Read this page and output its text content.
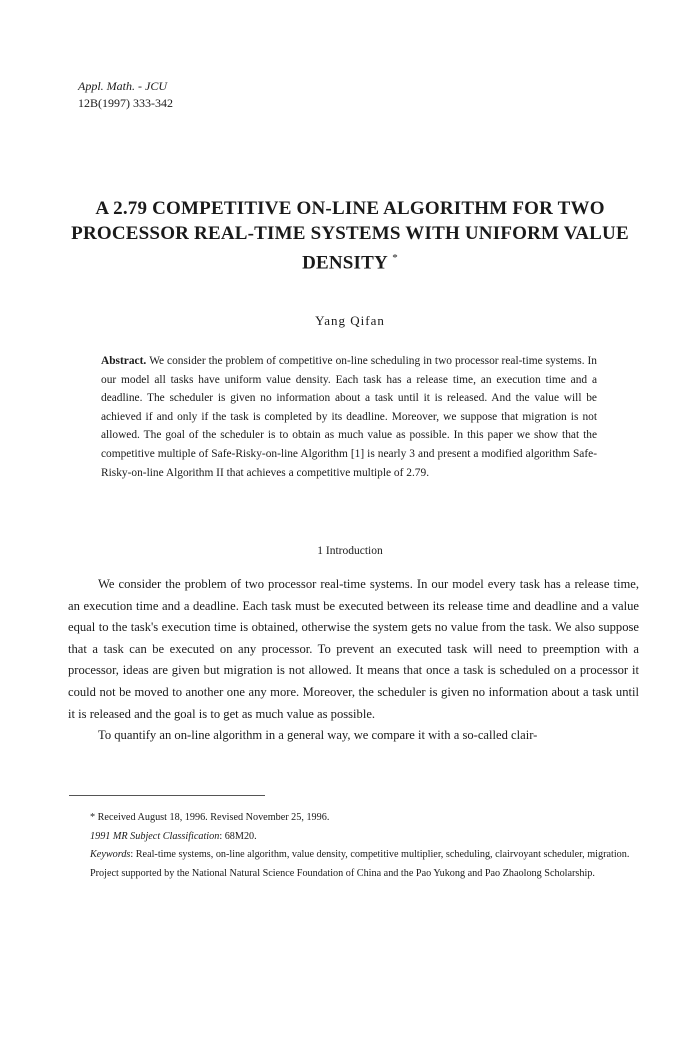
Appl. Math. - JCU
12B(1997) 333-342
A 2.79 COMPETITIVE ON-LINE ALGORITHM FOR TWO PROCESSOR REAL-TIME SYSTEMS WITH UNIFORM VALUE DENSITY *
Yang Qifan
Abstract. We consider the problem of competitive on-line scheduling in two processor real-time systems. In our model all tasks have uniform value density. Each task has a release time, an execution time and a deadline. The scheduler is given no information about a task until it is released. And the value will be achieved if and only if the task is completed by its deadline. Moreover, we suppose that migration is not allowed. The goal of the scheduler is to obtain as much value as possible. In this paper we show that the competitive multiple of Safe-Risky-on-line Algorithm [1] is nearly 3 and present a modified algorithm Safe-Risky-on-line Algorithm II that achieves a competitive multiple of 2.79.
1 Introduction

We consider the problem of two processor real-time systems. In our model every task has a release time, an execution time and a deadline. Each task must be executed between its release time and deadline and a value equal to the task's execution time is obtained, otherwise the system gets no value from the task. We also suppose that a task can be executed on any processor. To prevent an executed task will need to preemption with a processor, ideas are given but migration is not allowed. It means that once a task is scheduled on a processor it could not be moved to another one any more. Moreover, the scheduler is given no information about a task until it is released and the goal is to get as much value as possible.

To quantify an on-line algorithm in a general way, we compare it with a so-called clair-

* Received August 18, 1996. Revised November 25, 1996.

1991 MR Subject Classification: 68M20.

Keywords: Real-time systems, on-line algorithm, value density, competitive multiplier, scheduling, clairvoyant scheduler, migration.

Project supported by the National Natural Science Foundation of China and the Pao Yukong and Pao Zhaolong Scholarship.
